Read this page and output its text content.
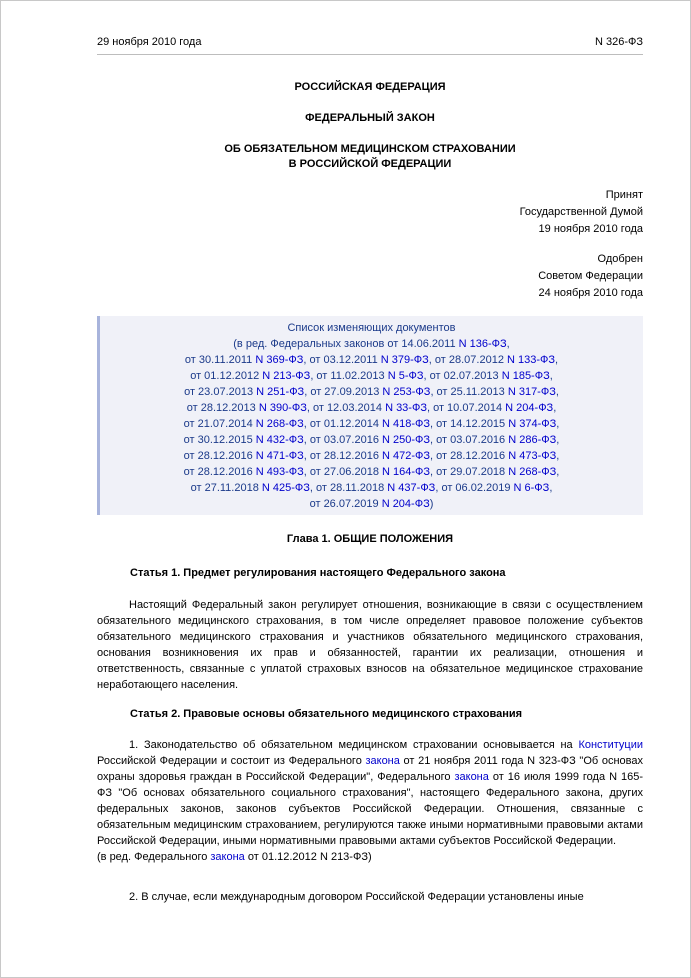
29 ноября 2010 года	N 326-ФЗ
РОССИЙСКАЯ ФЕДЕРАЦИЯ
ФЕДЕРАЛЬНЫЙ ЗАКОН
ОБ ОБЯЗАТЕЛЬНОМ МЕДИЦИНСКОМ СТРАХОВАНИИ
В РОССИЙСКОЙ ФЕДЕРАЦИИ
Принят
Государственной Думой
19 ноября 2010 года
Одобрен
Советом Федерации
24 ноября 2010 года
Список изменяющих документов
(в ред. Федеральных законов от 14.06.2011 N 136-ФЗ,
от 30.11.2011 N 369-ФЗ, от 03.12.2011 N 379-ФЗ, от 28.07.2012 N 133-ФЗ,
от 01.12.2012 N 213-ФЗ, от 11.02.2013 N 5-ФЗ, от 02.07.2013 N 185-ФЗ,
от 23.07.2013 N 251-ФЗ, от 27.09.2013 N 253-ФЗ, от 25.11.2013 N 317-ФЗ,
от 28.12.2013 N 390-ФЗ, от 12.03.2014 N 33-ФЗ, от 10.07.2014 N 204-ФЗ,
от 21.07.2014 N 268-ФЗ, от 01.12.2014 N 418-ФЗ, от 14.12.2015 N 374-ФЗ,
от 30.12.2015 N 432-ФЗ, от 03.07.2016 N 250-ФЗ, от 03.07.2016 N 286-ФЗ,
от 28.12.2016 N 471-ФЗ, от 28.12.2016 N 472-ФЗ, от 28.12.2016 N 473-ФЗ,
от 28.12.2016 N 493-ФЗ, от 27.06.2018 N 164-ФЗ, от 29.07.2018 N 268-ФЗ,
от 27.11.2018 N 425-ФЗ, от 28.11.2018 N 437-ФЗ, от 06.02.2019 N 6-ФЗ,
от 26.07.2019 N 204-ФЗ)
Глава 1. ОБЩИЕ ПОЛОЖЕНИЯ
Статья 1. Предмет регулирования настоящего Федерального закона

Настоящий Федеральный закон регулирует отношения, возникающие в связи с осуществлением обязательного медицинского страхования, в том числе определяет правовое положение субъектов обязательного медицинского страхования и участников обязательного медицинского страхования, основания возникновения их прав и обязанностей, гарантии их реализации, отношения и ответственность, связанные с уплатой страховых взносов на обязательное медицинское страхование неработающего населения.

Статья 2. Правовые основы обязательного медицинского страхования

1. Законодательство об обязательном медицинском страховании основывается на Конституции Российской Федерации и состоит из Федерального закона от 21 ноября 2011 года N 323-ФЗ "Об основах охраны здоровья граждан в Российской Федерации", Федерального закона от 16 июля 1999 года N 165-ФЗ "Об основах обязательного социального страхования", настоящего Федерального закона, других федеральных законов, законов субъектов Российской Федерации. Отношения, связанные с обязательным медицинским страхованием, регулируются также иными нормативными правовыми актами Российской Федерации, иными нормативными правовыми актами субъектов Российской Федерации.

(в ред. Федерального закона от 01.12.2012 N 213-ФЗ)

2. В случае, если международным договором Российской Федерации установлены иные
